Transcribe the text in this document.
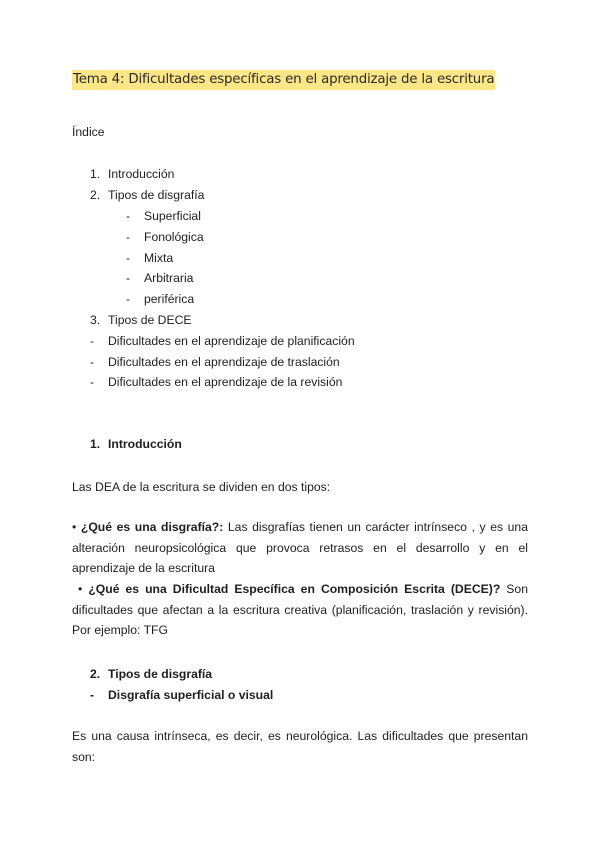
Tema 4: Dificultades específicas en el aprendizaje de la escritura
Índice
1. Introducción
2. Tipos de disgrafía
- Superficial
- Fonológica
- Mixta
- Arbitraria
- periférica
3. Tipos de DECE
- Dificultades en el aprendizaje de planificación
- Dificultades en el aprendizaje de traslación
- Dificultades en el aprendizaje de la revisión
1. Introducción
Las DEA de la escritura se dividen en dos tipos:
• ¿Qué es una disgrafía?: Las disgrafías tienen un carácter intrínseco , y es una alteración neuropsicológica que provoca retrasos en el desarrollo y en el aprendizaje de la escritura
• ¿Qué es una Dificultad Específica en Composición Escrita (DECE)? Son dificultades que afectan a la escritura creativa (planificación, traslación y revisión). Por ejemplo: TFG
2. Tipos de disgrafía
- Disgrafía superficial o visual
Es una causa intrínseca, es decir, es neurológica. Las dificultades que presentan son:
